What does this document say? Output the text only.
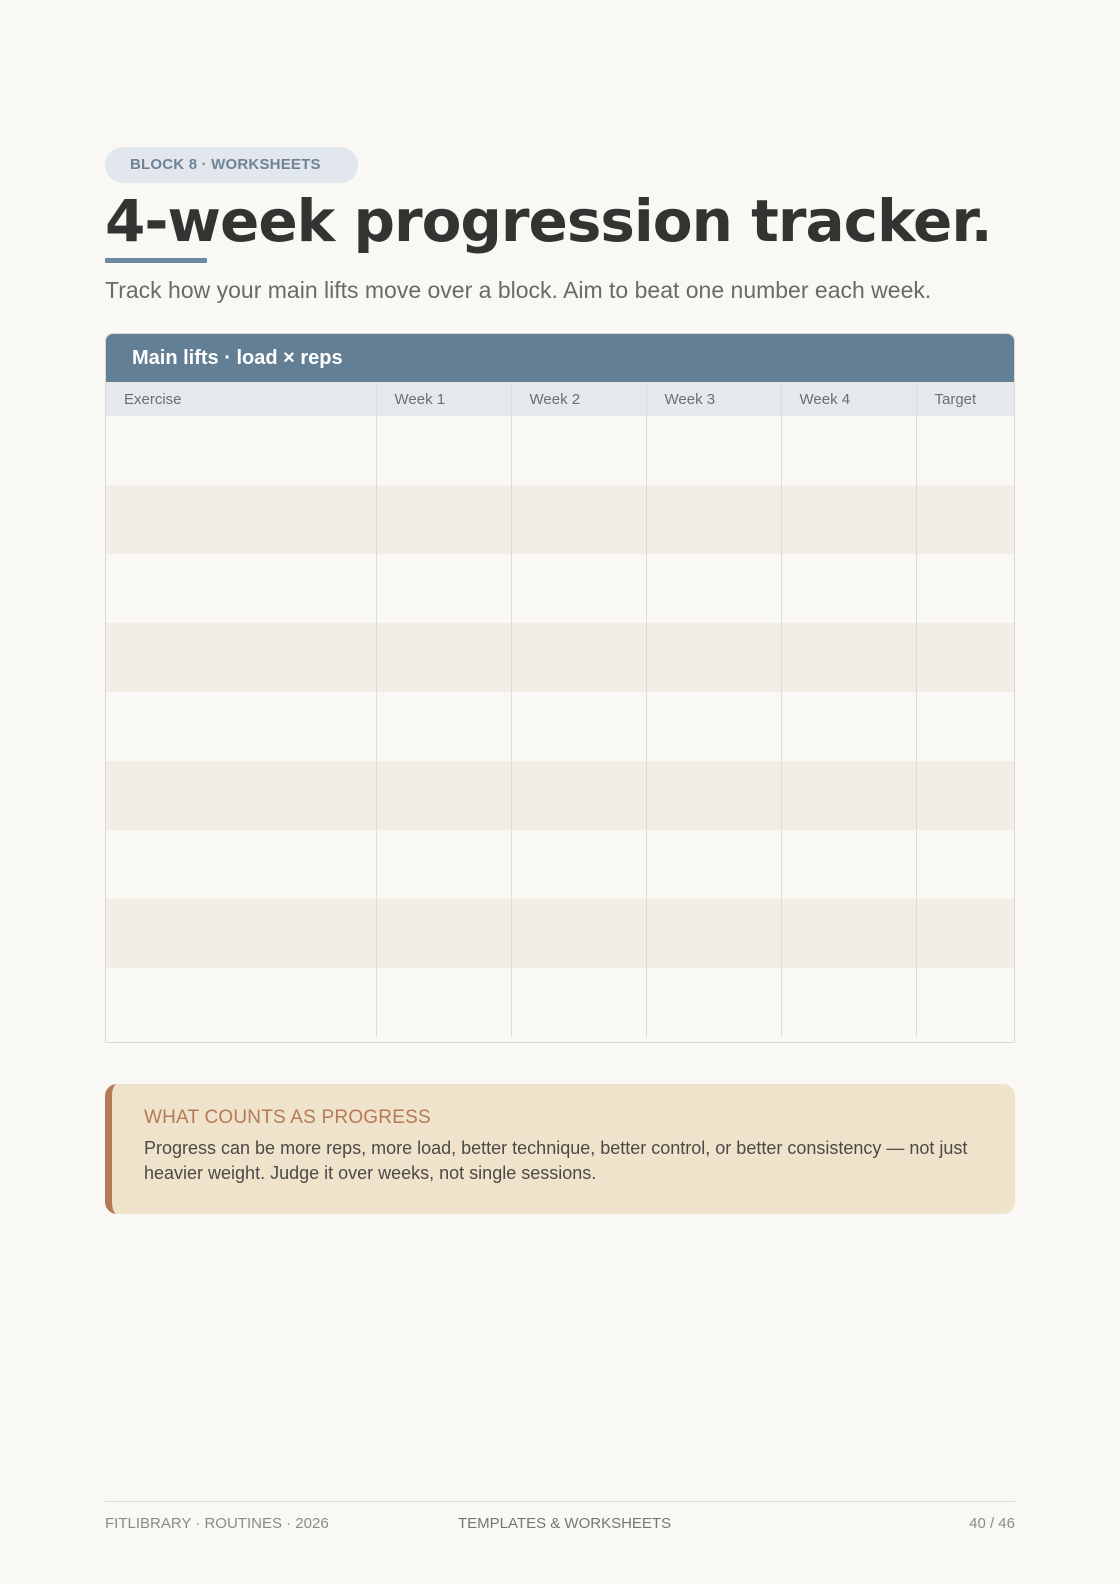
BLOCK 8 · WORKSHEETS
4-week progression tracker.

Track how your main lifts move over a block. Aim to beat one number each week.

Main lifts · load × reps
Exercise	Week 1	Week 2	Week 3	Week 4	Target

WHAT COUNTS AS PROGRESS

Progress can be more reps, more load, better technique, better control, or better consistency — not just heavier weight. Judge it over weeks, not single sessions.

FITLIBRARY · ROUTINES · 2026	TEMPLATES & WORKSHEETS	40 / 46
